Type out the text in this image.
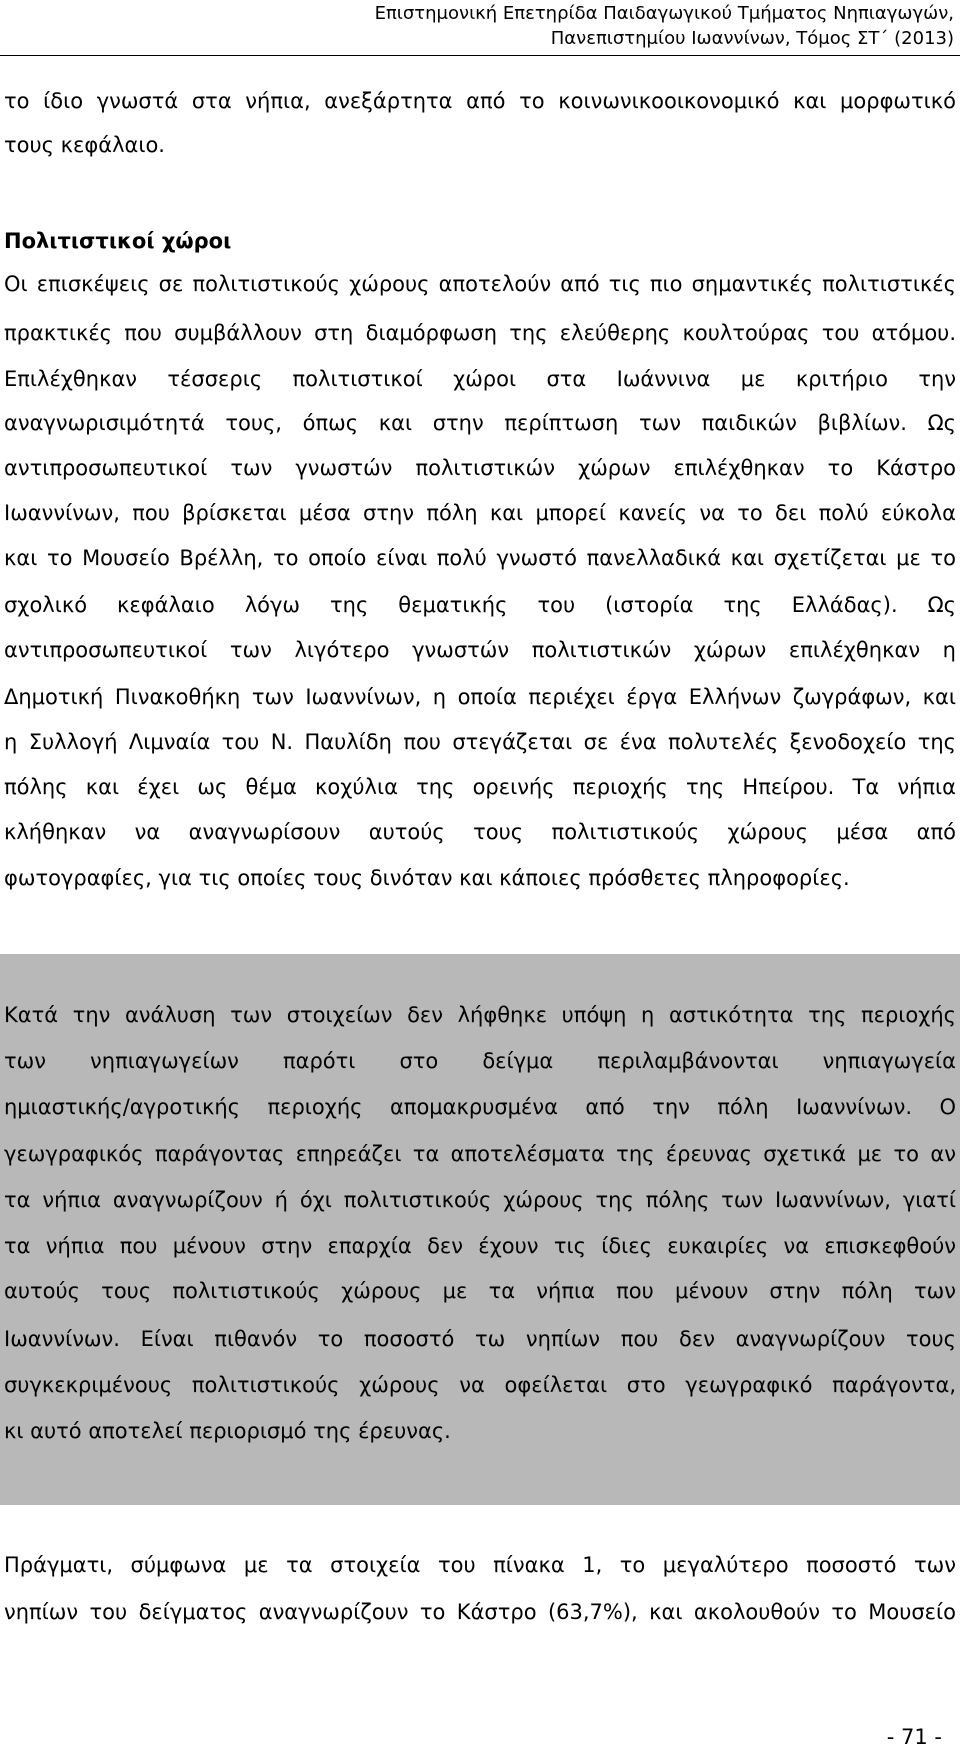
Επιστημονική Επετηρίδα Παιδαγωγικού Τμήματος Νηπιαγωγών,
Πανεπιστημίου Ιωαννίνων, Τόμος ΣΤ΄ (2013)
το ίδιο γνωστά στα νήπια, ανεξάρτητα από το κοινωνικοοικονομικό και μορφωτικό
τους κεφάλαιο.
Πολιτιστικοί χώροι
Οι επισκέψεις σε πολιτιστικούς χώρους αποτελούν από τις πιο σημαντικές πολιτιστικές
πρακτικές που συμβάλλουν στη διαμόρφωση της ελεύθερης κουλτούρας του ατόμου.
Επιλέχθηκαν τέσσερις πολιτιστικοί χώροι στα Ιωάννινα με κριτήριο την
αναγνωρισιμότητά τους, όπως και στην περίπτωση των παιδικών βιβλίων. Ως
αντιπροσωπευτικοί των γνωστών πολιτιστικών χώρων επιλέχθηκαν το Κάστρο
Ιωαννίνων, που βρίσκεται μέσα στην πόλη και μπορεί κανείς να το δει πολύ εύκολα
και το Μουσείο Βρέλλη, το οποίο είναι πολύ γνωστό πανελλαδικά και σχετίζεται με το
σχολικό κεφάλαιο λόγω της θεματικής του (ιστορία της Ελλάδας). Ως
αντιπροσωπευτικοί των λιγότερο γνωστών πολιτιστικών χώρων επιλέχθηκαν η
Δημοτική Πινακοθήκη των Ιωαννίνων, η οποία περιέχει έργα Ελλήνων ζωγράφων, και
η Συλλογή Λιμναία του Ν. Παυλίδη που στεγάζεται σε ένα πολυτελές ξενοδοχείο της
πόλης και έχει ως θέμα κοχύλια της ορεινής περιοχής της Ηπείρου. Τα νήπια
κλήθηκαν να αναγνωρίσουν αυτούς τους πολιτιστικούς χώρους μέσα από
φωτογραφίες, για τις οποίες τους δινόταν και κάποιες πρόσθετες πληροφορίες.
Κατά την ανάλυση των στοιχείων δεν λήφθηκε υπόψη η αστικότητα της περιοχής
των νηπιαγωγείων παρότι στο δείγμα περιλαμβάνονται νηπιαγωγεία
ημιαστικής/αγροτικής περιοχής απομακρυσμένα από την πόλη Ιωαννίνων. Ο
γεωγραφικός παράγοντας επηρεάζει τα αποτελέσματα της έρευνας σχετικά με το αν
τα νήπια αναγνωρίζουν ή όχι πολιτιστικούς χώρους της πόλης των Ιωαννίνων, γιατί
τα νήπια που μένουν στην επαρχία δεν έχουν τις ίδιες ευκαιρίες να επισκεφθούν
αυτούς τους πολιτιστικούς χώρους με τα νήπια που μένουν στην πόλη των
Ιωαννίνων. Είναι πιθανόν το ποσοστό τω νηπίων που δεν αναγνωρίζουν τους
συγκεκριμένους πολιτιστικούς χώρους να οφείλεται στο γεωγραφικό παράγοντα,
κι αυτό αποτελεί περιορισμό της έρευνας.
Πράγματι, σύμφωνα με τα στοιχεία του πίνακα 1, το μεγαλύτερο ποσοστό των
νηπίων του δείγματος αναγνωρίζουν το Κάστρο (63,7%), και ακολουθούν το Μουσείο
- 71 -
